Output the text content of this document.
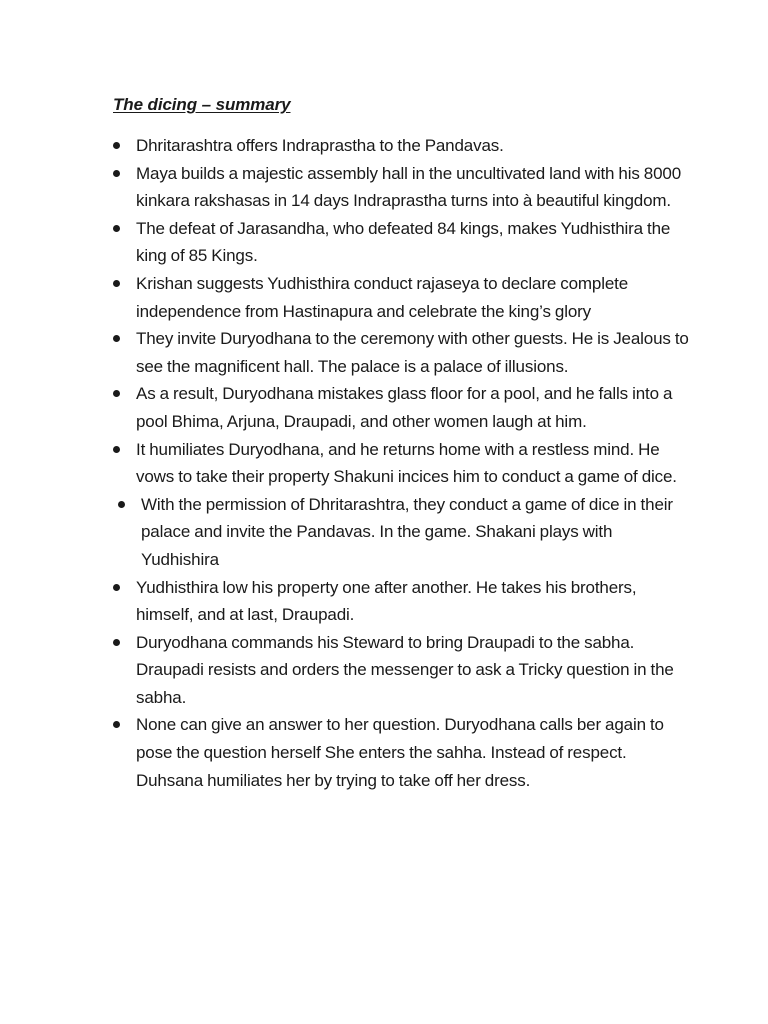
The dicing – summary
Dhritarashtra offers Indraprastha to the Pandavas.
Maya builds a majestic assembly hall in the uncultivated land with his 8000 kinkara rakshasas in 14 days Indraprastha turns into à beautiful kingdom.
The defeat of Jarasandha, who defeated 84 kings, makes Yudhisthira the king of 85 Kings.
Krishan suggests Yudhisthira conduct rajaseya to declare complete independence from Hastinapura and celebrate the king’s glory
They invite Duryodhana to the ceremony with other guests. He is Jealous to see the magnificent hall. The palace is a palace of illusions.
As a result, Duryodhana mistakes glass floor for a pool, and he falls into a pool Bhima, Arjuna, Draupadi, and other women laugh at him.
It humiliates Duryodhana, and he returns home with a restless mind. He vows to take their property Shakuni incices him to conduct a game of dice.
With the permission of Dhritarashtra, they conduct a game of dice in their palace and invite the Pandavas. In the game. Shakani plays with Yudhishira
Yudhisthira low his property one after another. He takes his brothers, himself, and at last, Draupadi.
Duryodhana commands his Steward to bring Draupadi to the sabha. Draupadi resists and orders the messenger to ask a Tricky question in the sabha.
None can give an answer to her question. Duryodhana calls ber again to pose the question herself She enters the sahha. Instead of respect. Duhsana humiliates her by trying to take off her dress.
